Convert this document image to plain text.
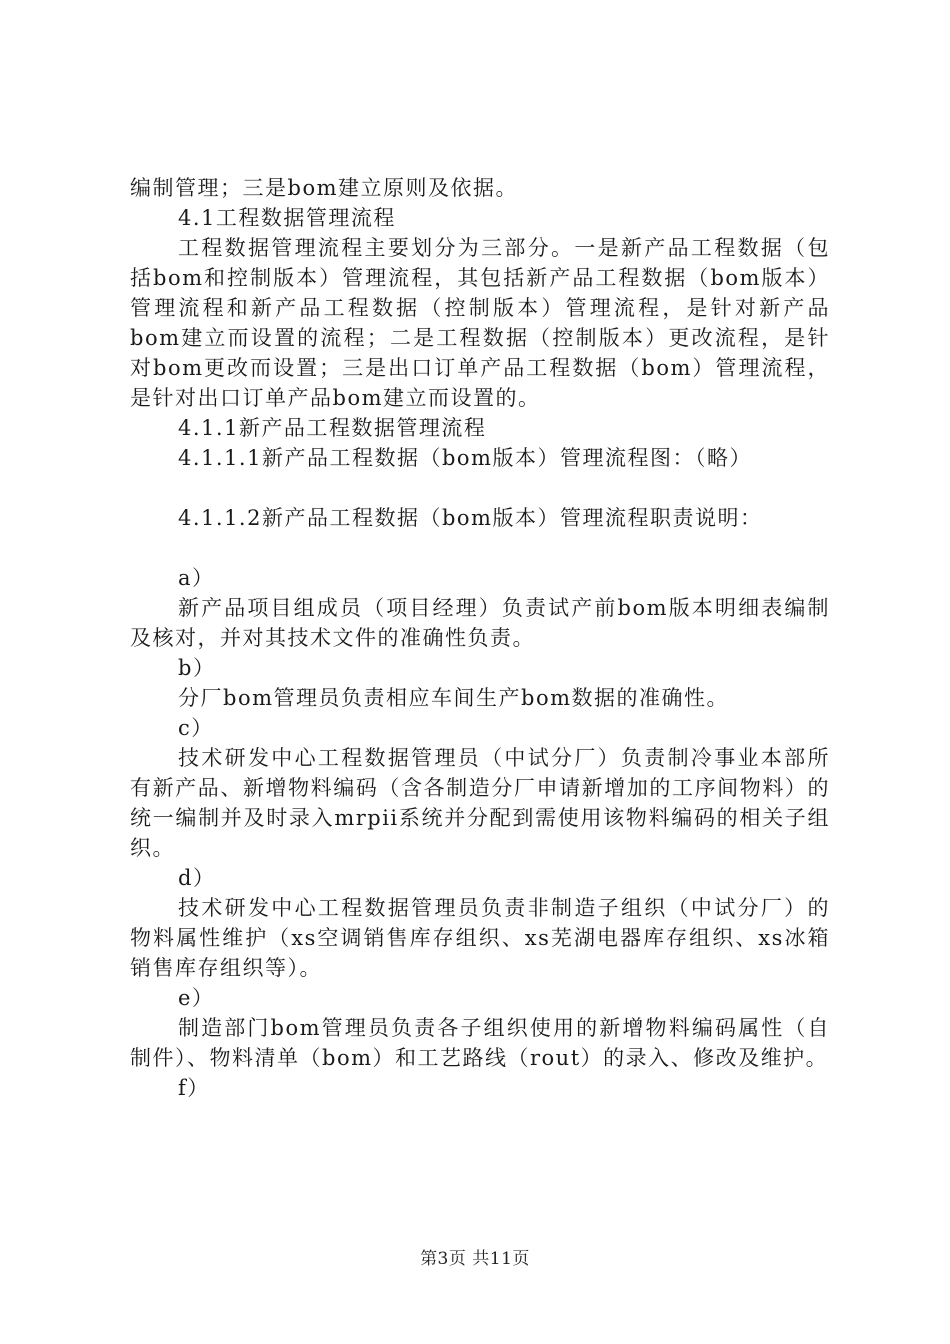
编制管理；三是bom建立原则及依据。

4.1工程数据管理流程

工程数据管理流程主要划分为三部分。一是新产品工程数据（包括bom和控制版本）管理流程，其包括新产品工程数据（bom版本）管理流程和新产品工程数据（控制版本）管理流程，是针对新产品bom建立而设置的流程；二是工程数据（控制版本）更改流程，是针对bom更改而设置；三是出口订单产品工程数据（bom）管理流程，是针对出口订单产品bom建立而设置的。

4.1.1新产品工程数据管理流程

4.1.1.1新产品工程数据（bom版本）管理流程图：（略）

4.1.1.2新产品工程数据（bom版本）管理流程职责说明：

a）

新产品项目组成员（项目经理）负责试产前bom版本明细表编制及核对，并对其技术文件的准确性负责。

b）

分厂bom管理员负责相应车间生产bom数据的准确性。

c）

技术研发中心工程数据管理员（中试分厂）负责制冷事业本部所有新产品、新增物料编码（含各制造分厂申请新增加的工序间物料）的统一编制并及时录入mrpii系统并分配到需使用该物料编码的相关子组织。

d）

技术研发中心工程数据管理员负责非制造子组织（中试分厂）的物料属性维护（xs空调销售库存组织、xs芜湖电器库存组织、xs冰箱销售库存组织等）。

e）

制造部门bom管理员负责各子组织使用的新增物料编码属性（自制件）、物料清单（bom）和工艺路线（rout）的录入、修改及维护。

f）

第3页 共11页
